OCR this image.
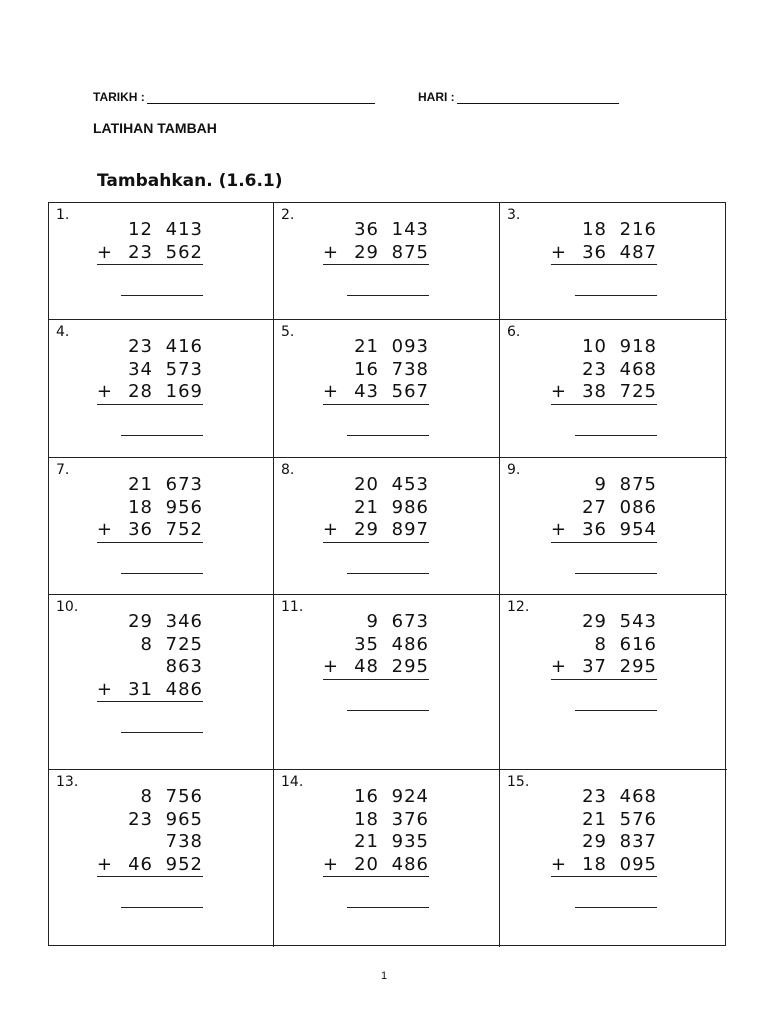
TARIKH :	HARI :
LATIHAN TAMBAH
Tambahkan. (1.6.1)
1.
12 413
+ 23 562
2.
36 143
+ 29 875
3.
18 216
+ 36 487
4.
23 416
34 573
+ 28 169
5.
21 093
16 738
+ 43 567
6.
10 918
23 468
+ 38 725
7.
21 673
18 956
+ 36 752
8.
20 453
21 986
+ 29 897
9.
9 875
27 086
+ 36 954
10.
29 346
8 725
863
+ 31 486
11.
9 673
35 486
+ 48 295
12.
29 543
8 616
+ 37 295
13.
8 756
23 965
738
+ 46 952
14.
16 924
18 376
21 935
+ 20 486
15.
23 468
21 576
29 837
+ 18 095
1
